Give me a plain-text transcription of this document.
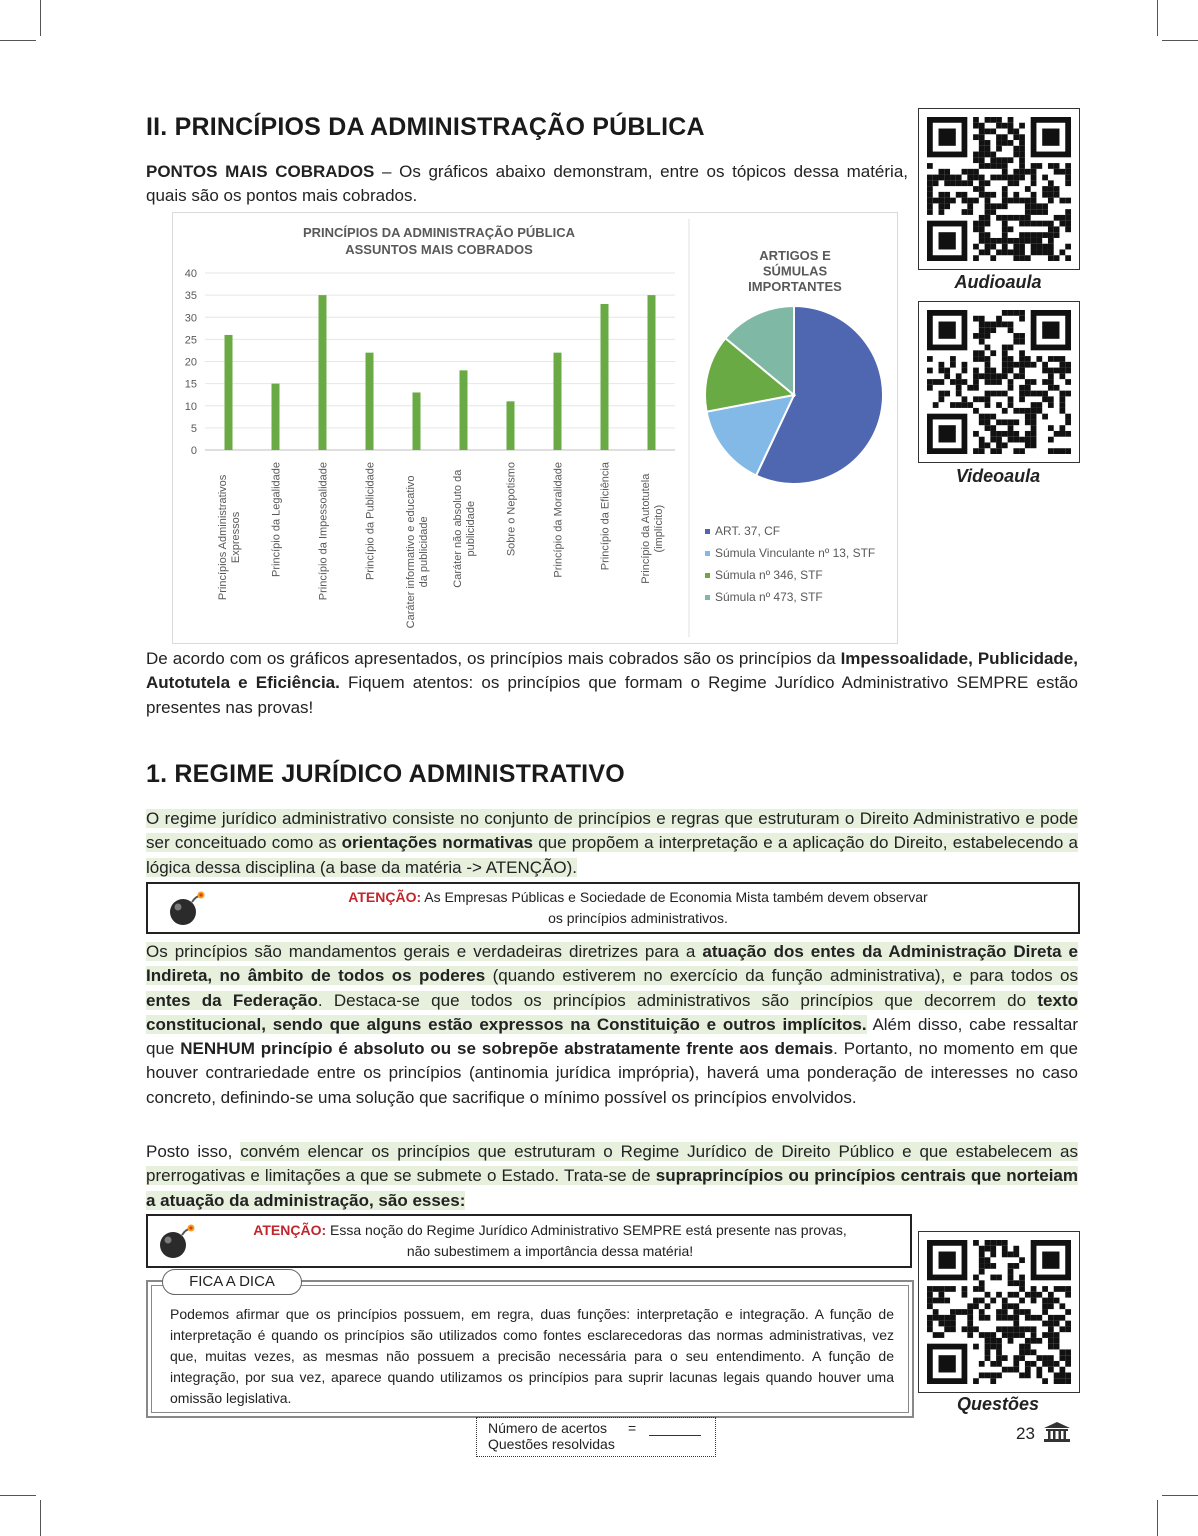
II. PRINCÍPIOS DA ADMINISTRAÇÃO PÚBLICA

PONTOS MAIS COBRADOS – Os gráficos abaixo demonstram, entre os tópicos dessa matéria, quais são os pontos mais cobrados.

Audioaula
Videoaula
Questões
PRINCÍPIOS DA ADMINISTRAÇÃO PÚBLICA
ASSUNTOS MAIS COBRADOS
0
5
10
15
20
25
30
35
40
Princípios AdministrativosExpressos	Princípio da Legalidade	Princípio da Impessoalidade	Princípio da Publicidade	Caráter informativo e educativoda publicidade Caráter não absoluto dapublicidade	Sobre o Nepotismo	Princípio da Moralidade	Princípio da Eficiência	Princípio da Autotutela(implícito)
ARTIGOS E
SÚMULAS
IMPORTANTES
ART. 37, CF
Súmula Vinculante nº 13, STF
Súmula nº 346, STF
Súmula nº 473, STF

De acordo com os gráficos apresentados, os princípios mais cobrados são os princípios da Impessoalidade, Publicidade, Autotutela e Eficiência. Fiquem atentos: os princípios que formam o Regime Jurídico Administrativo SEMPRE estão presentes nas provas!

1. REGIME JURÍDICO ADMINISTRATIVO

O regime jurídico administrativo consiste no conjunto de princípios e regras que estruturam o Direito Administrativo e pode ser conceituado como as orientações normativas que propõem a interpretação e a aplicação do Direito, estabelecendo a lógica dessa disciplina (a base da matéria -> ATENÇÃO).

ATENÇÃO: As Empresas Públicas e Sociedade de Economia Mista também devem observar
os princípios administrativos.

Os princípios são mandamentos gerais e verdadeiras diretrizes para a atuação dos entes da Administração Direta e Indireta, no âmbito de todos os poderes (quando estiverem no exercício da função administrativa), e para todos os entes da Federação. Destaca-se que todos os princípios administrativos são princípios que decorrem do texto constitucional, sendo que alguns estão expressos na Constituição e outros implícitos. Além disso, cabe ressaltar que NENHUM princípio é absoluto ou se sobrepõe abstratamente frente aos demais. Portanto, no momento em que houver contrariedade entre os princípios (antinomia jurídica imprópria), haverá uma ponderação de interesses no caso concreto, definindo-se uma solução que sacrifique o mínimo possível os princípios envolvidos.

Posto isso, convém elencar os princípios que estruturam o Regime Jurídico de Direito Público e que estabelecem as prerrogativas e limitações a que se submete o Estado. Trata-se de supraprincípios ou princípios centrais que norteiam a atuação da administração, são esses:

ATENÇÃO: Essa noção do Regime Jurídico Administrativo SEMPRE está presente nas provas,
não subestimem a importância dessa matéria!
FICA A DICA

Podemos afirmar que os princípios possuem, em regra, duas funções: interpretação e integração. A função de interpretação é quando os princípios são utilizados como fontes esclarecedoras das normas administrativas, vez que, muitas vezes, as mesmas não possuem a precisão necessária para o seu entendimento. A função de integração, por sua vez, aparece quando utilizamos os princípios para suprir lacunas legais quando houver uma omissão legislativa.

Número de acertos =
Questões resolvidas
23
